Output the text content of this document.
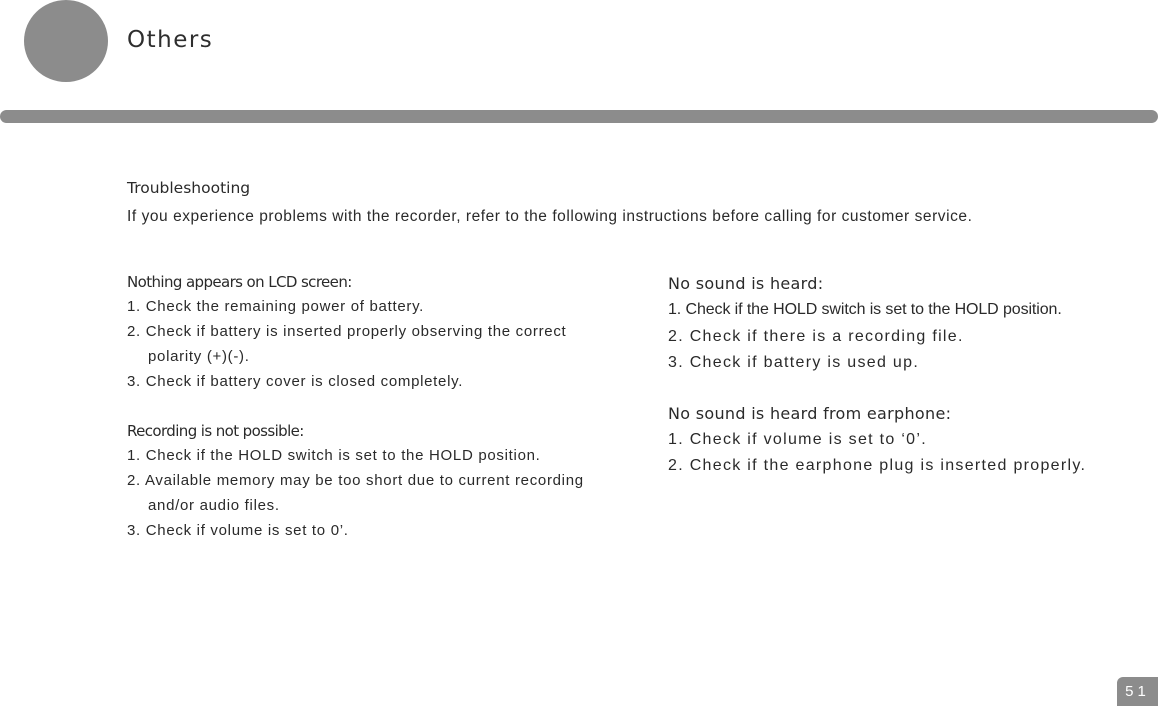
Others
Troubleshooting
If you experience problems with the recorder, refer to the following instructions before calling for customer service.
Nothing appears on LCD screen:
1. Check the remaining power of battery.
2. Check if battery is inserted properly observing the correct polarity (+)(-).
3. Check if battery cover is closed completely.
Recording is not possible:
1. Check if the HOLD switch is set to the HOLD position.
2. Available memory may be too short due to current recording and/or audio files.
3. Check if volume is set to 0’.
No sound is heard:
1. Check if the HOLD switch is set to the HOLD position.
2. Check if there is a recording file.
3. Check if battery is used up.
No sound is heard from earphone:
1. Check if volume is set to ‘0’.
2. Check if the earphone plug is inserted properly.
51
